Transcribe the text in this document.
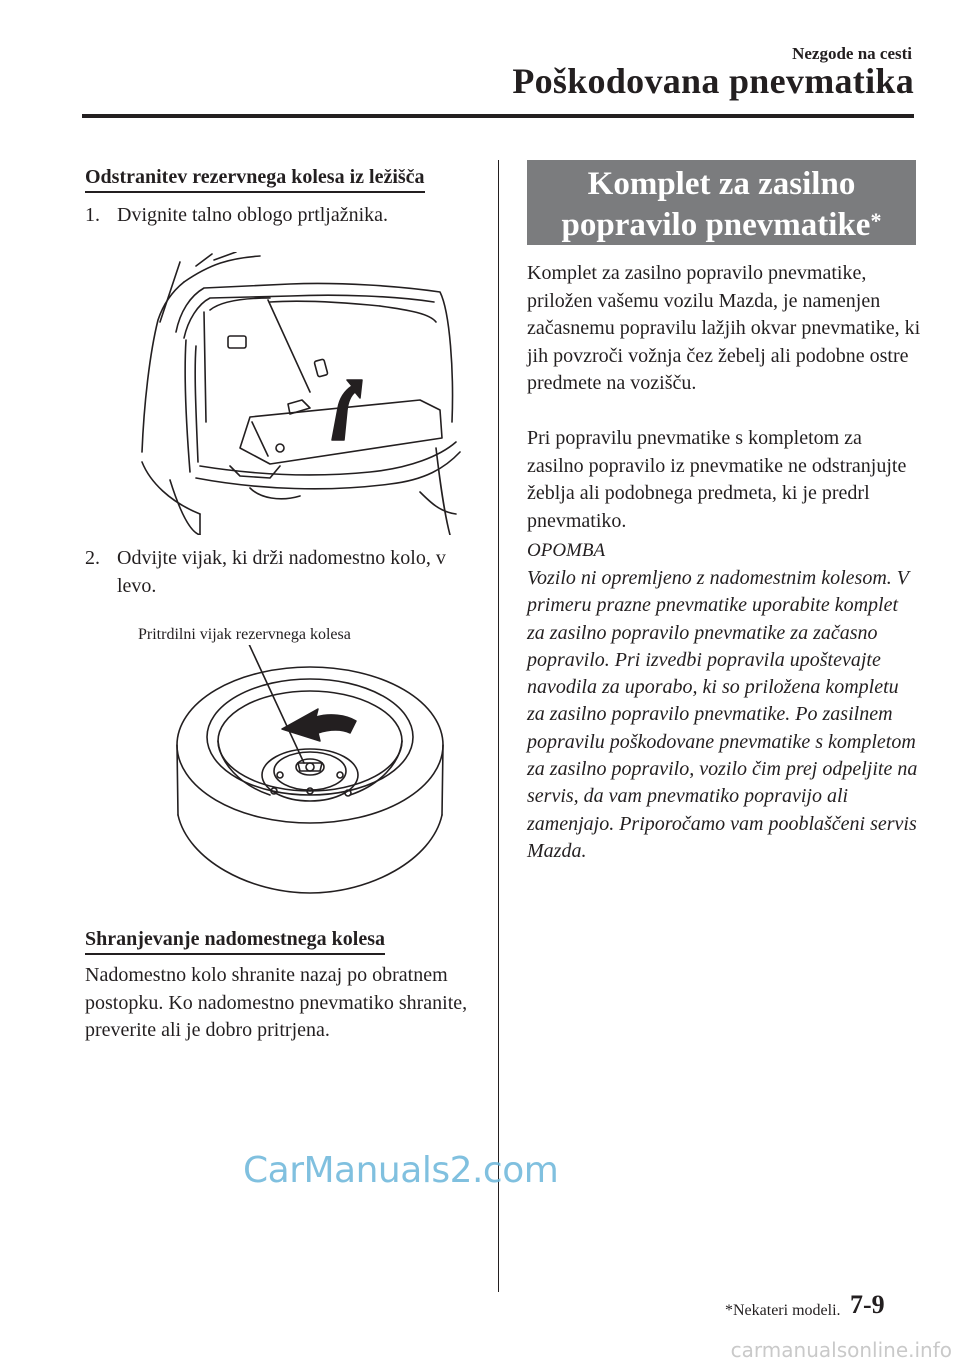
Nezgode na cesti
Poškodovana pnevmatika
Odstranitev rezervnega kolesa iz ležišča
1. Dvignite talno oblogo prtljažnika.
2. Odvijte vijak, ki drži nadomestno kolo, v levo.
Pritrdilni vijak rezervnega kolesa
Shranjevanje nadomestnega kolesa
Nadomestno kolo shranite nazaj po obratnem postopku. Ko nadomestno pnevmatiko shranite, preverite ali je dobro pritrjena.
Komplet za zasilno
popravilo pnevmatike*
Komplet za zasilno popravilo pnevmatike, priložen vašemu vozilu Mazda, je namenjen začasnemu popravilu lažjih okvar pnevmatike, ki jih povzroči vožnja čez žebelj ali podobne ostre predmete na vozišču.
Pri popravilu pnevmatike s kompletom za zasilno popravilo iz pnevmatike ne odstranjujte žeblja ali podobnega predmeta, ki je predrl pnevmatiko.
OPOMBA
Vozilo ni opremljeno z nadomestnim kolesom. V primeru prazne pnevmatike uporabite komplet za zasilno popravilo pnevmatike za začasno popravilo. Pri izvedbi popravila upoštevajte navodila za uporabo, ki so priložena kompletu za zasilno popravilo pnevmatike. Po zasilnem popravilu poškodovane pnevmatike s kompletom za zasilno popravilo, vozilo čim prej odpeljite na servis, da vam pnevmatiko popravijo ali zamenjajo. Priporočamo vam pooblaščeni servis Mazda.
*Nekateri modeli. 7-9
CarManuals2.com
carmanualsonline.info
